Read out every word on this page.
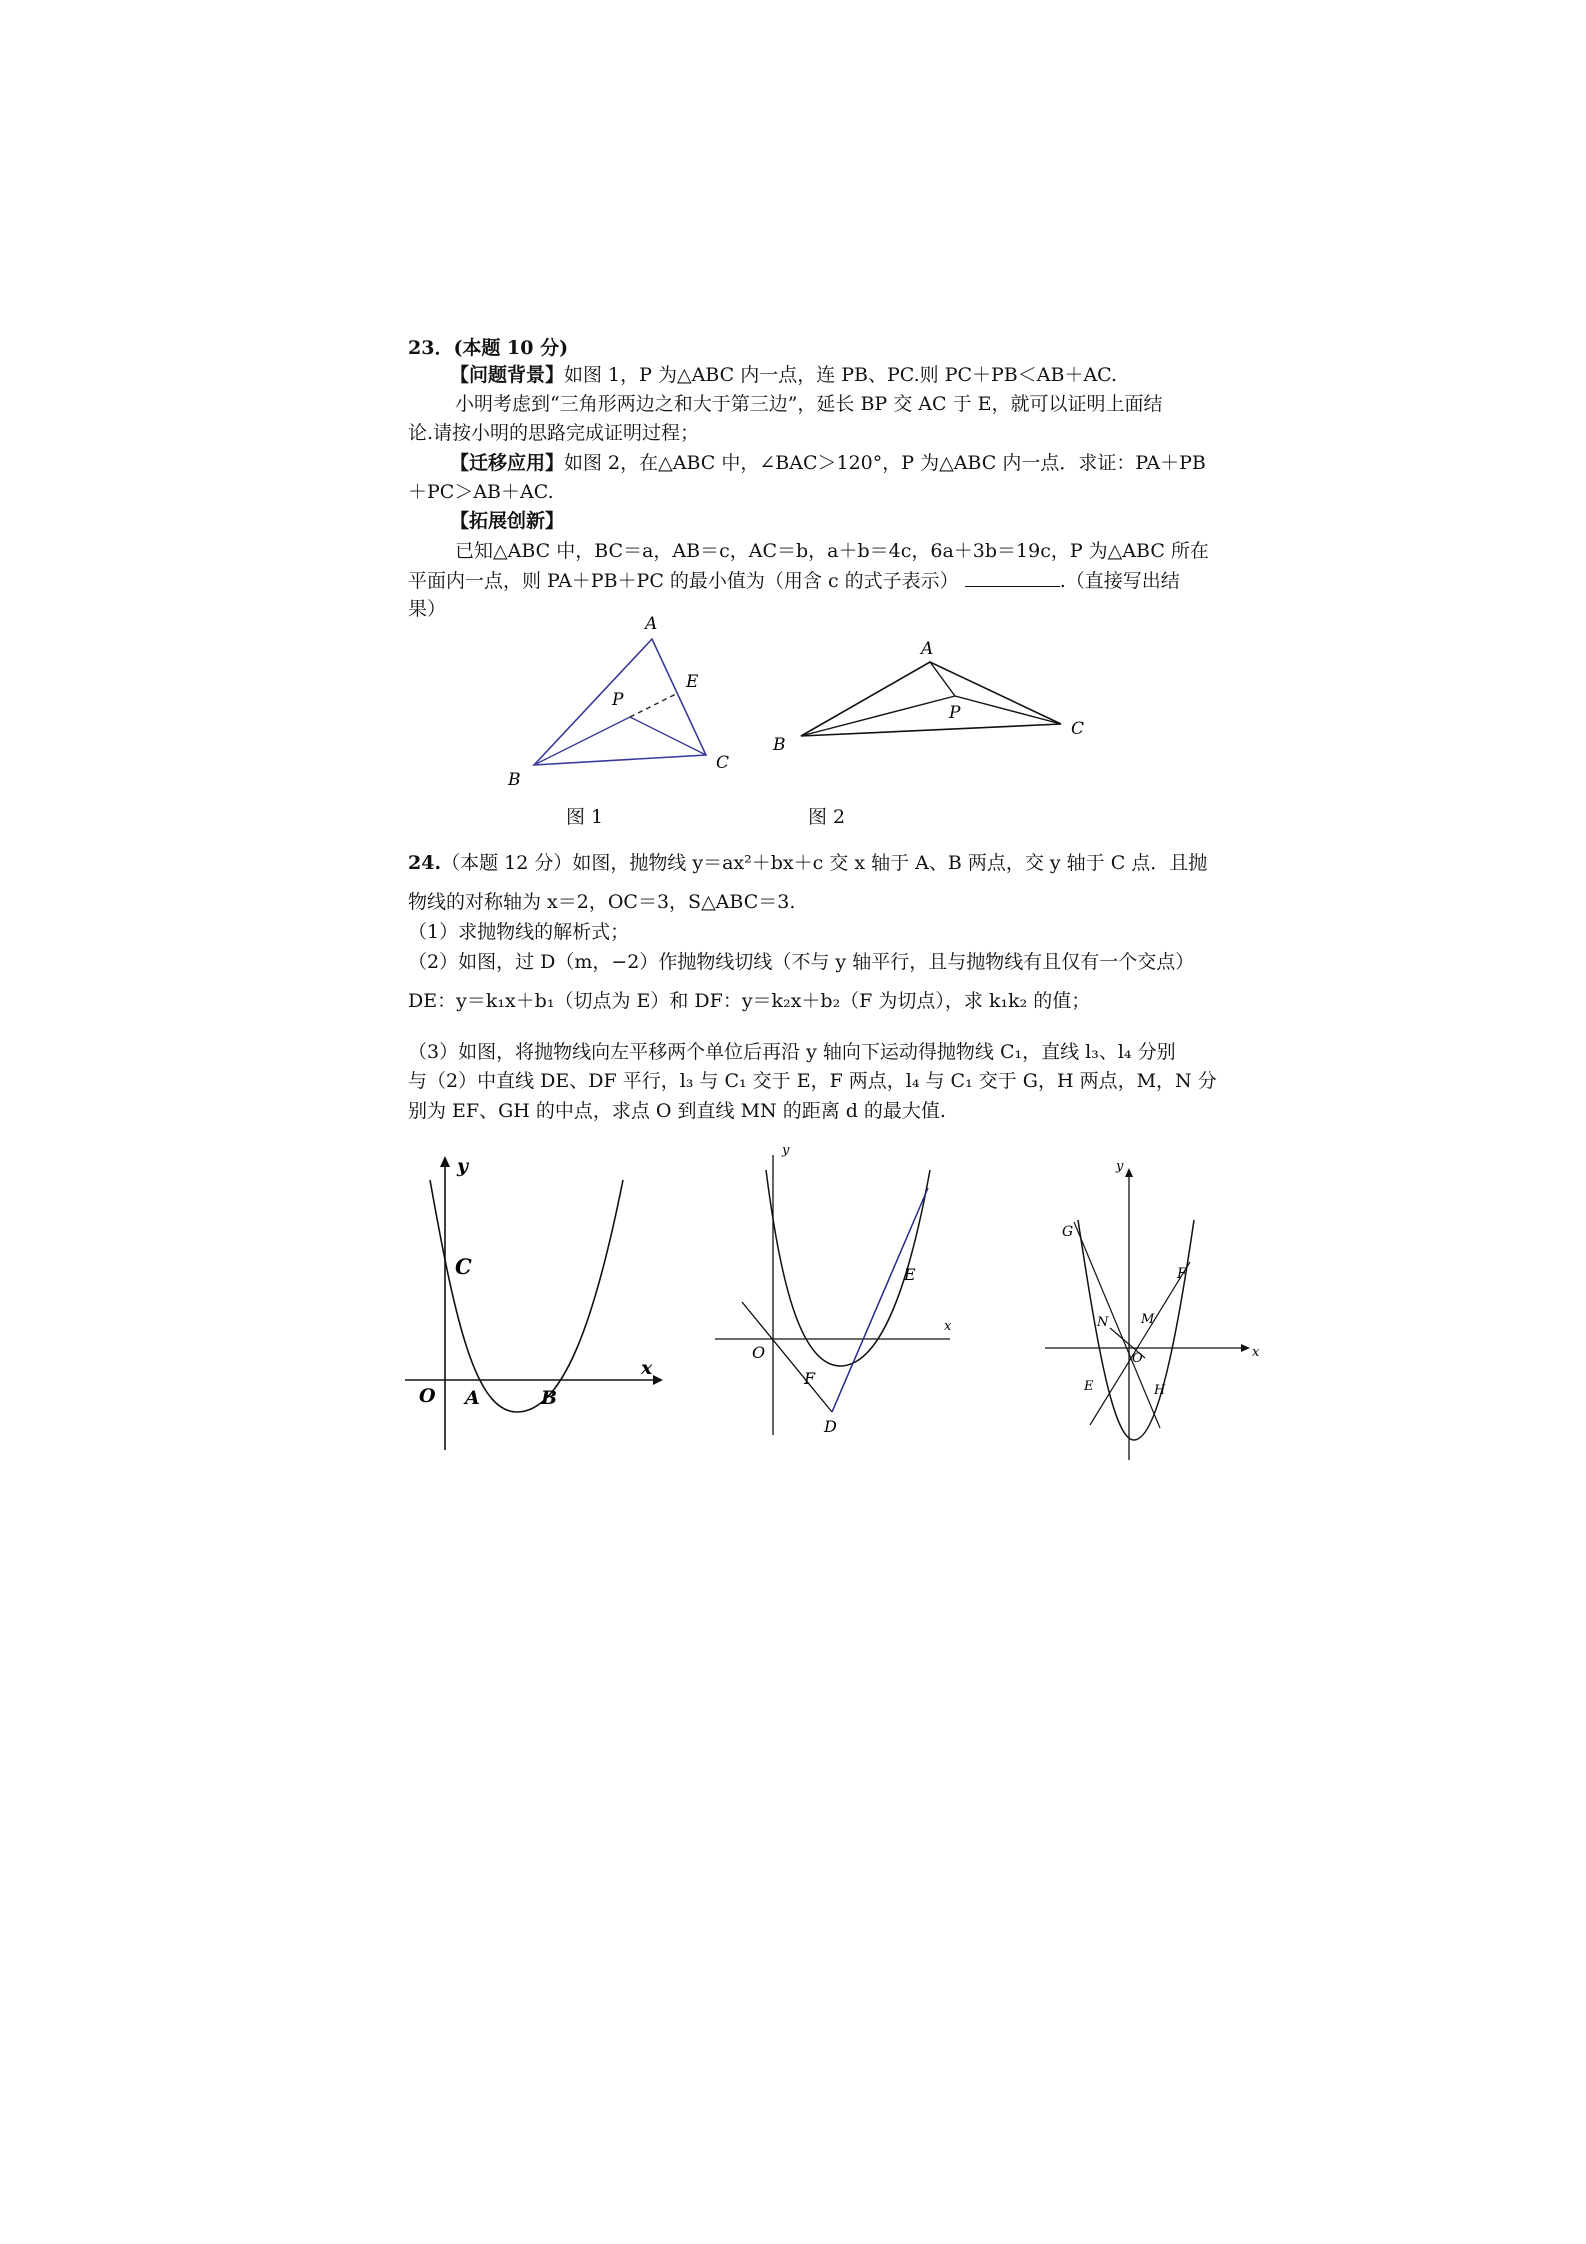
23．(本题 10 分)
【问题背景】如图 1，P 为△ABC 内一点，连 PB、PC.则 PC＋PB＜AB＋AC.
小明考虑到“三角形两边之和大于第三边”，延长 BP 交 AC 于 E，就可以证明上面结
论.请按小明的思路完成证明过程；
【迁移应用】如图 2，在△ABC 中，∠BAC＞120°，P 为△ABC 内一点．求证：PA＋PB
＋PC＞AB＋AC.
【拓展创新】
已知△ABC 中，BC＝a，AB＝c，AC＝b，a＋b＝4c，6a＋3b＝19c，P 为△ABC 所在
平面内一点，则 PA＋PB＋PC 的最小值为（用含 c 的式子表示）	.（直接写出结
果）
A
B
C
P
E
图 1
A
B
C
P
图 2
24.（本题 12 分）如图，抛物线 y＝ax²＋bx＋c 交 x 轴于 A、B 两点，交 y 轴于 C 点．且抛
物线的对称轴为 x＝2，OC＝3，S△ABC＝3.
（1）求抛物线的解析式；
（2）如图，过 D（m，−2）作抛物线切线（不与 y 轴平行，且与抛物线有且仅有一个交点）
DE：y＝k₁x＋b₁（切点为 E）和 DF：y＝k₂x＋b₂（F 为切点），求 k₁k₂ 的值；
（3）如图，将抛物线向左平移两个单位后再沿 y 轴向下运动得抛物线 C₁，直线 l₃、l₄ 分别
与（2）中直线 DE、DF 平行，l₃ 与 C₁ 交于 E，F 两点，l₄ 与 C₁ 交于 G，H 两点，M，N 分
别为 EF、GH 的中点，求点 O 到直线 MN 的距离 d 的最大值.
y
x
C
O A	B
y
x
O
E
F
D
y
x
O
G
F
N	M
E	H
